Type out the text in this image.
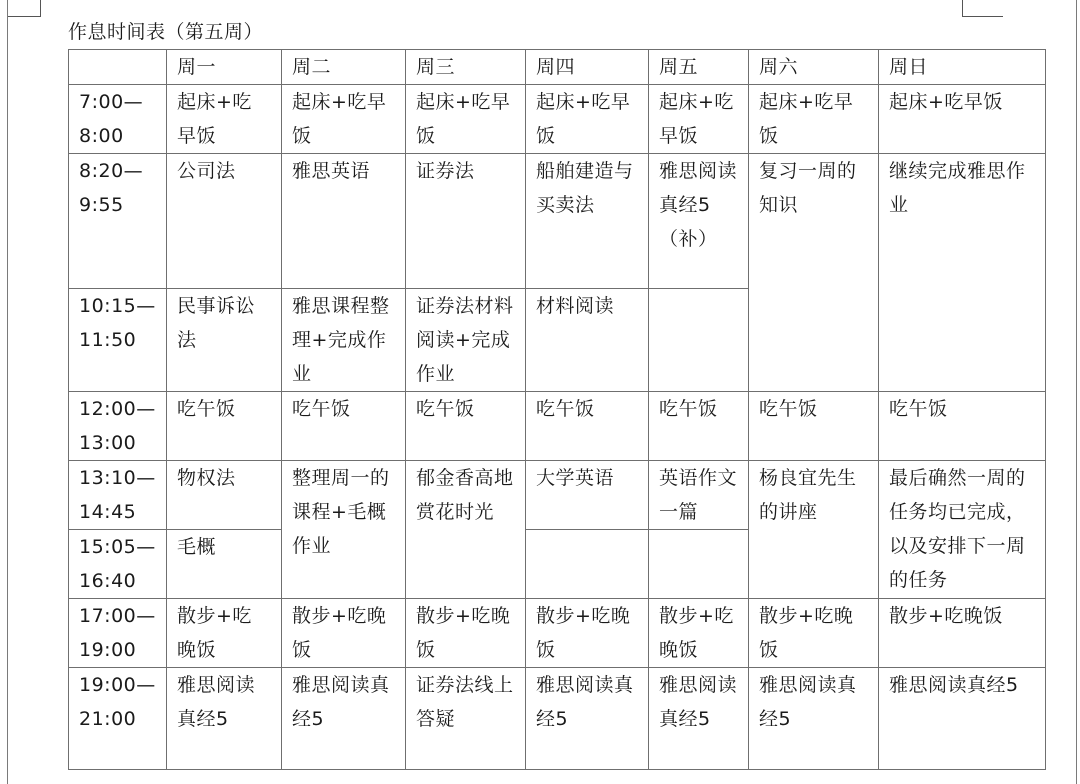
作息时间表（第五周）
	周一	周二	周三	周四	周五	周六	周日

7:00—
8:00	起床+吃早饭	起床+吃早饭	起床+吃早饭	起床+吃早饭	起床+吃早饭	起床+吃早饭	起床+吃早饭

8:20—
9:55	公司法	雅思英语	证券法	船舶建造与买卖法	雅思阅读真经5（补）	复习一周的知识	继续完成雅思作业

10:15—
11:50	民事诉讼法	雅思课程整理+完成作业	证券法材料阅读+完成作业	材料阅读			

12:00—
13:00	吃午饭	吃午饭	吃午饭	吃午饭	吃午饭	吃午饭	吃午饭

13:10—
14:45	物权法	整理周一的课程+毛概作业	郁金香高地赏花时光	大学英语	英语作文一篇	杨良宜先生的讲座	最后确然一周的任务均已完成，以及安排下一周的任务

15:05—
16:40	毛概						

17:00—
19:00	散步+吃晚饭	散步+吃晚饭	散步+吃晚饭	散步+吃晚饭	散步+吃晚饭	散步+吃晚饭	散步+吃晚饭

19:00—
21:00	雅思阅读真经5	雅思阅读真经5	证券法线上答疑	雅思阅读真经5	雅思阅读真经5	雅思阅读真经5	雅思阅读真经5
